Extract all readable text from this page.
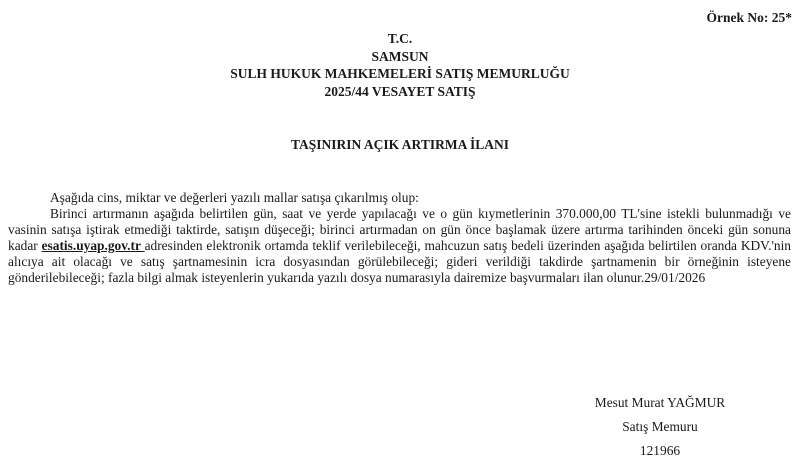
Örnek No: 25*
T.C.
SAMSUN
SULH HUKUK MAHKEMELERİ SATIŞ MEMURLUĞU
2025/44 VESAYET SATIŞ
TAŞINIRIN AÇIK ARTIRMA İLANI

Aşağıda cins, miktar ve değerleri yazılı mallar satışa çıkarılmış olup:

Birinci artırmanın aşağıda belirtilen gün, saat ve yerde yapılacağı ve o gün kıymetlerinin 370.000,00 TL'sine istekli bulunmadığı ve vasinin satışa iştirak etmediği taktirde, satışın düşeceği; birinci artırmadan on gün önce başlamak üzere artırma tarihinden önceki gün sonuna kadar esatis.uyap.gov.tr adresinden elektronik ortamda teklif verilebileceği, mahcuzun satış bedeli üzerinden aşağıda belirtilen oranda KDV.'nin alıcıya ait olacağı ve satış şartnamesinin icra dosyasından görülebileceği; gideri verildiği takdirde şartnamenin bir örneğinin isteyene gönderilebileceği; fazla bilgi almak isteyenlerin yukarıda yazılı dosya numarasıyla dairemize başvurmaları ilan olunur.29/01/2026

Mesut Murat YAĞMUR
Satış Memuru
121966
